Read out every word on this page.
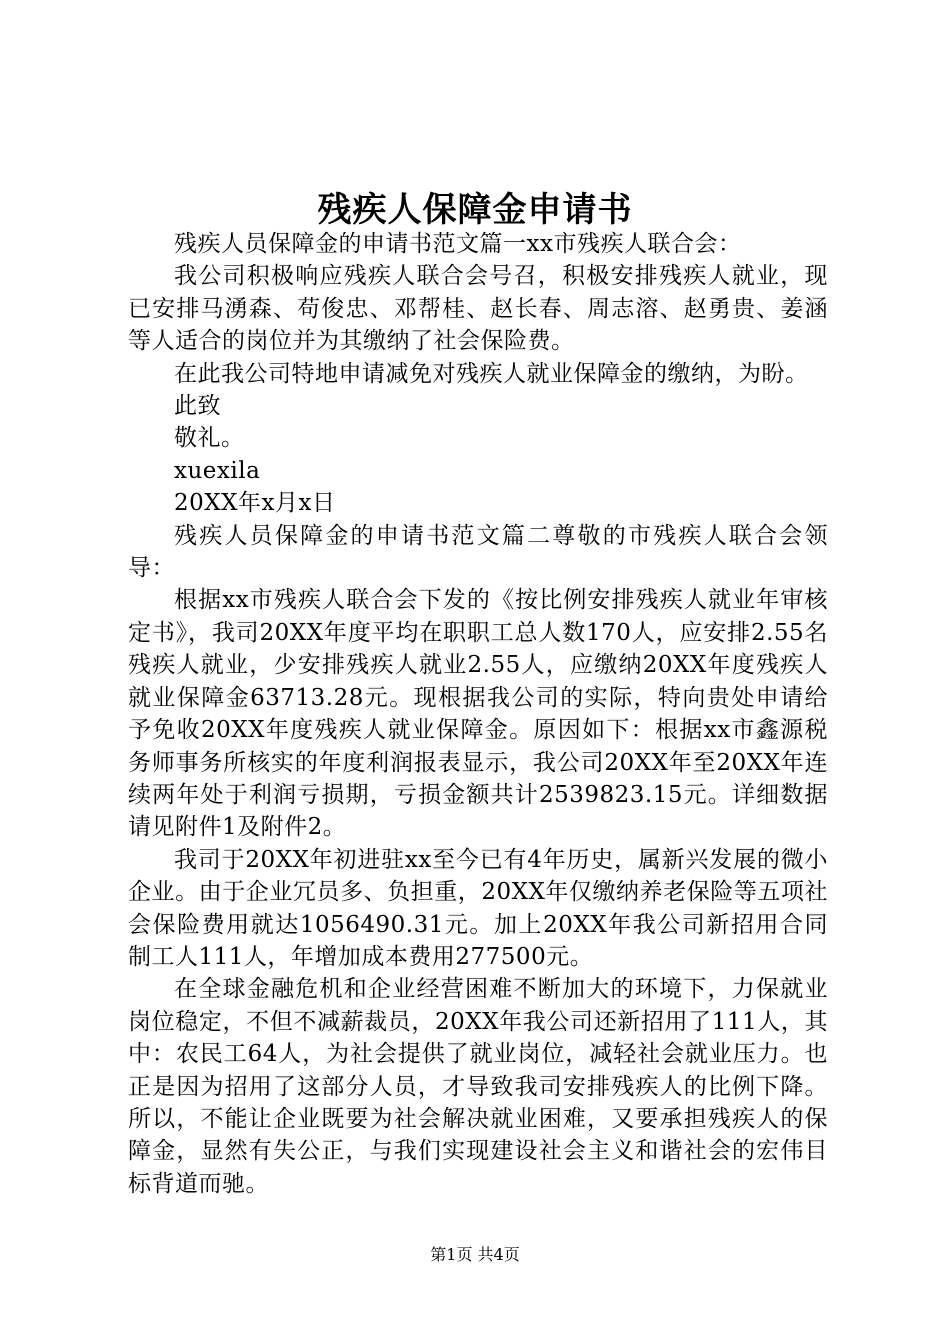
残疾人保障金申请书

残疾人员保障金的申请书范文篇一xx市残疾人联合会：

我公司积极响应残疾人联合会号召，积极安排残疾人就业，现已安排马湧森、苟俊忠、邓帮桂、赵长春、周志溶、赵勇贵、姜涵等人适合的岗位并为其缴纳了社会保险费。

在此我公司特地申请减免对残疾人就业保障金的缴纳，为盼。

此致

敬礼。

xuexila

20XX年x月x日

残疾人员保障金的申请书范文篇二尊敬的市残疾人联合会领导：

根据xx市残疾人联合会下发的《按比例安排残疾人就业年审核定书》，我司20XX年度平均在职职工总人数170人，应安排2.55名残疾人就业，少安排残疾人就业2.55人，应缴纳20XX年度残疾人就业保障金63713.28元。现根据我公司的实际，特向贵处申请给予免收20XX年度残疾人就业保障金。原因如下：根据xx市鑫源税务师事务所核实的年度利润报表显示，我公司20XX年至20XX年连续两年处于利润亏损期，亏损金额共计2539823.15元。详细数据请见附件1及附件2。

我司于20XX年初进驻xx至今已有4年历史，属新兴发展的微小企业。由于企业冗员多、负担重，20XX年仅缴纳养老保险等五项社会保险费用就达1056490.31元。加上20XX年我公司新招用合同制工人111人，年增加成本费用277500元。

在全球金融危机和企业经营困难不断加大的环境下，力保就业岗位稳定，不但不减薪裁员，20XX年我公司还新招用了111人，其中：农民工64人，为社会提供了就业岗位，减轻社会就业压力。也正是因为招用了这部分人员，才导致我司安排残疾人的比例下降。所以，不能让企业既要为社会解决就业困难，又要承担残疾人的保障金，显然有失公正，与我们实现建设社会主义和谐社会的宏伟目标背道而驰。

第1页 共4页
